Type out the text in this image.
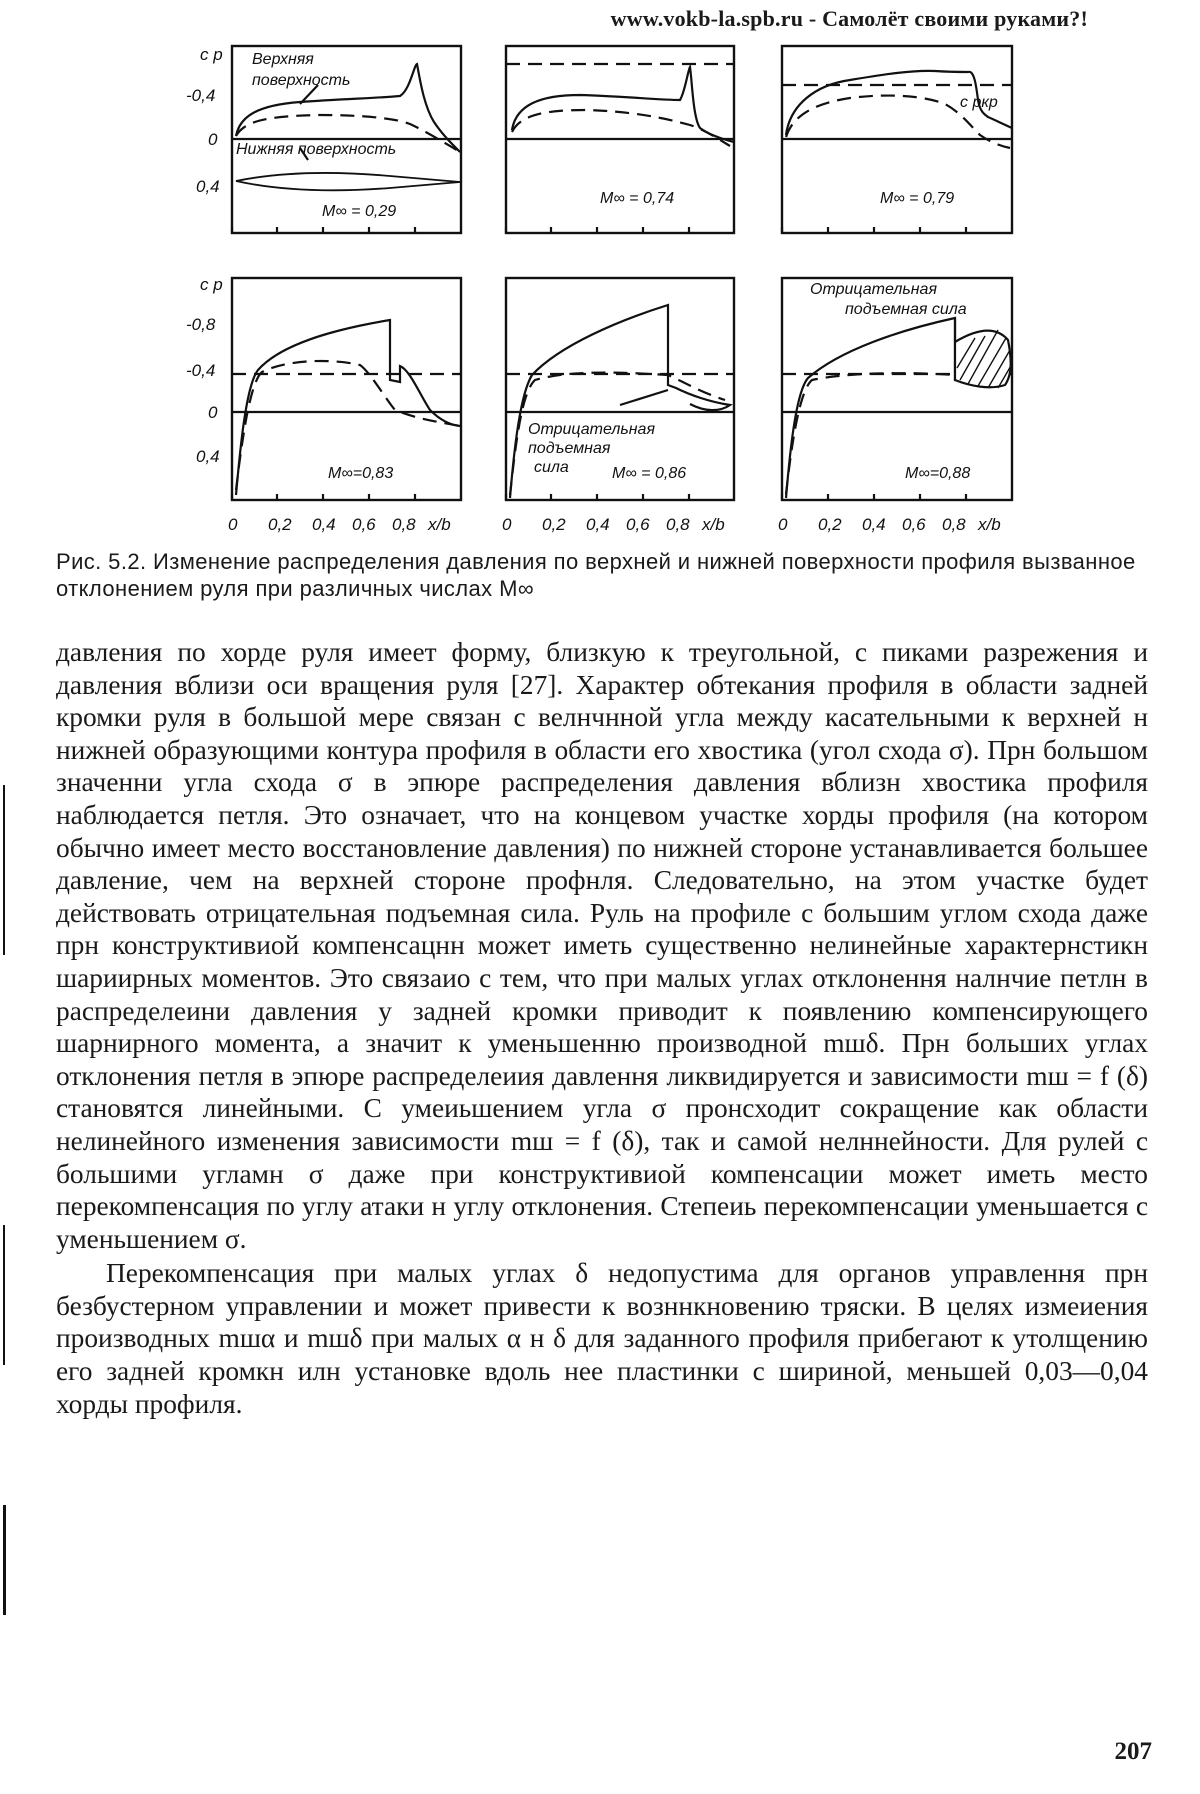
www.vokb-la.spb.ru - Самолёт своими руками?!
Верхняя
поверхность
Нижняя поверхность
M∞ = 0,29
M∞ = 0,74
c pкр
M∞ = 0,79
c p
-0,4
0
0,4
M∞=0,83
Отрицательная
подъемная
сила	M∞ = 0,86
Отрицательная
подъемная сила
M∞=0,88
c p
-0,8
-0,4
0
0,4
0 0,2 0,4 0,6 0,8 x/b	0 0,2 0,4 0,6 0,8 x/b	0 0,2 0,4 0,6 0,8 x/b
Рис. 5.2. Изменение распределения давления по верхней и нижней поверхности профиля вызванное отклонением руля при различных числах M∞

давления по хорде руля имеет форму, близкую к треугольной, с пиками разрежения и давления вблизи оси вращения руля [27]. Характер обтекания профиля в области задней кромки руля в большой мере связан с велнчнной угла между касательными к верхней н нижней образующими контура профиля в области его хвостика (угол схода σ). Прн большом значенни угла схода σ в эпюре распределения давления вблизн хвостика профиля наблюдается петля. Это означает, что на концевом участке хорды профиля (на котором обычно имеет место восстановление давления) по нижней стороне устанавливается большее давление, чем на верхней стороне профнля. Следовательно, на этом участке будет действовать отрицательная подъемная сила. Руль на профиле с большим углом схода даже прн конструктивиой компенсацнн может иметь существенно нелинейные характернстикн шариирных моментов. Это связаио с тем, что при малых углах отклонення налнчие петлн в распределеини давления у задней кромки приводит к появлению компенсирующего шарнирного момента, а значит к уменьшенню производной mшδ. Прн больших углах отклонения петля в эпюре распределеиия давлення ликвидируется и зависимости mш = f (δ) становятся линейными. С умеиьшением угла σ пронсходит сокращение как области нелинейного изменения зависимости mш = f (δ), так и самой нелннейности. Для рулей с большими угламн σ даже при конструктивиой компенсации может иметь место перекомпенсация по углу атаки н углу отклонения. Степеиь перекомпенсации уменьшается с уменьшением σ.

Перекомпенсация при малых углах δ недопустима для органов управлення прн безбустерном управлении и может привести к возннкновению тряски. В целях измеиения производных mшα и mшδ при малых α н δ для заданного профиля прибегают к утолщению его задней кромкн илн установке вдоль нее пластинки с шириной, меньшей 0,03—0,04 хорды профиля.

207
